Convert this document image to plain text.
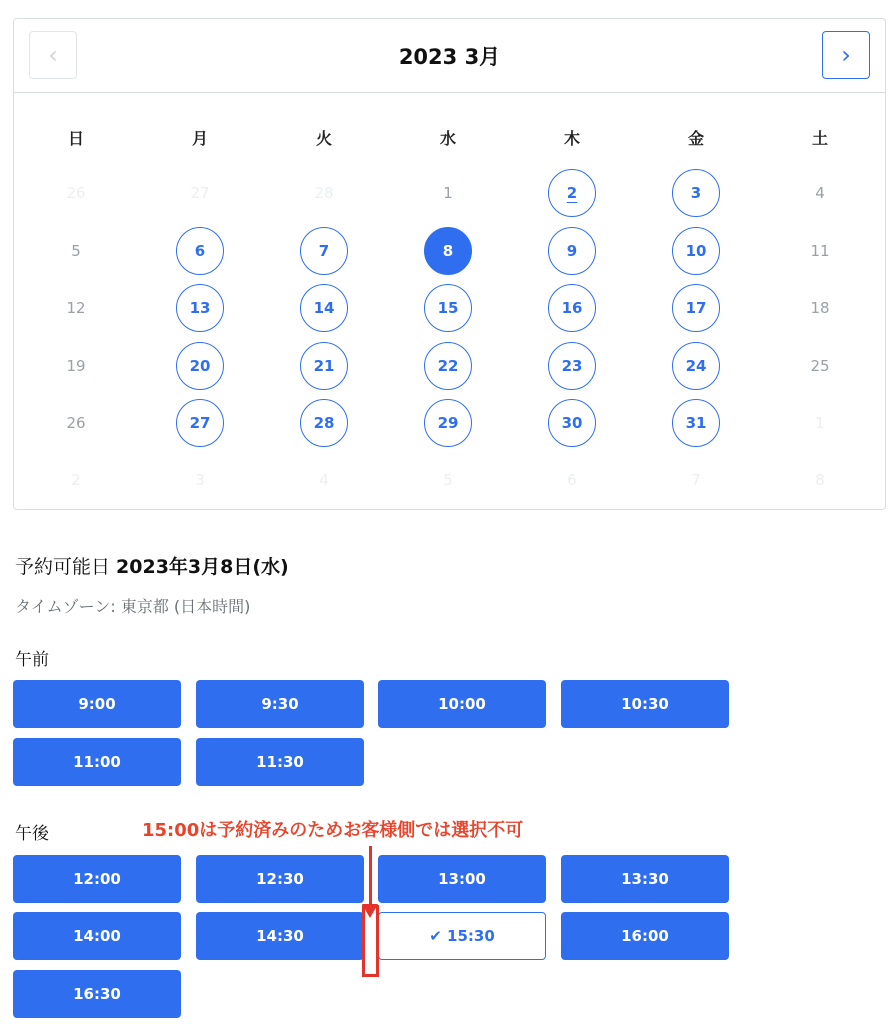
‹	2023 3月	›
日	月	火	水	木	金	土
26	27	28	1	2	3	4
5	6	7	8	9	10	11
12	13	14	15	16	17	18
19	20	21	22	23	24	25
26	27	28	29	30	31	1
2	3	4	5	6	7	8
予約可能日 2023年3月8日(水)
タイムゾーン: 東京都 (日本時間)
午前
9:00	9:30	10:00	10:30
11:00	11:30
午後
12:00	12:30	13:00	13:30
14:00	14:30	✔ 15:30	16:00
16:30
15:00は予約済みのためお客様側では選択不可
